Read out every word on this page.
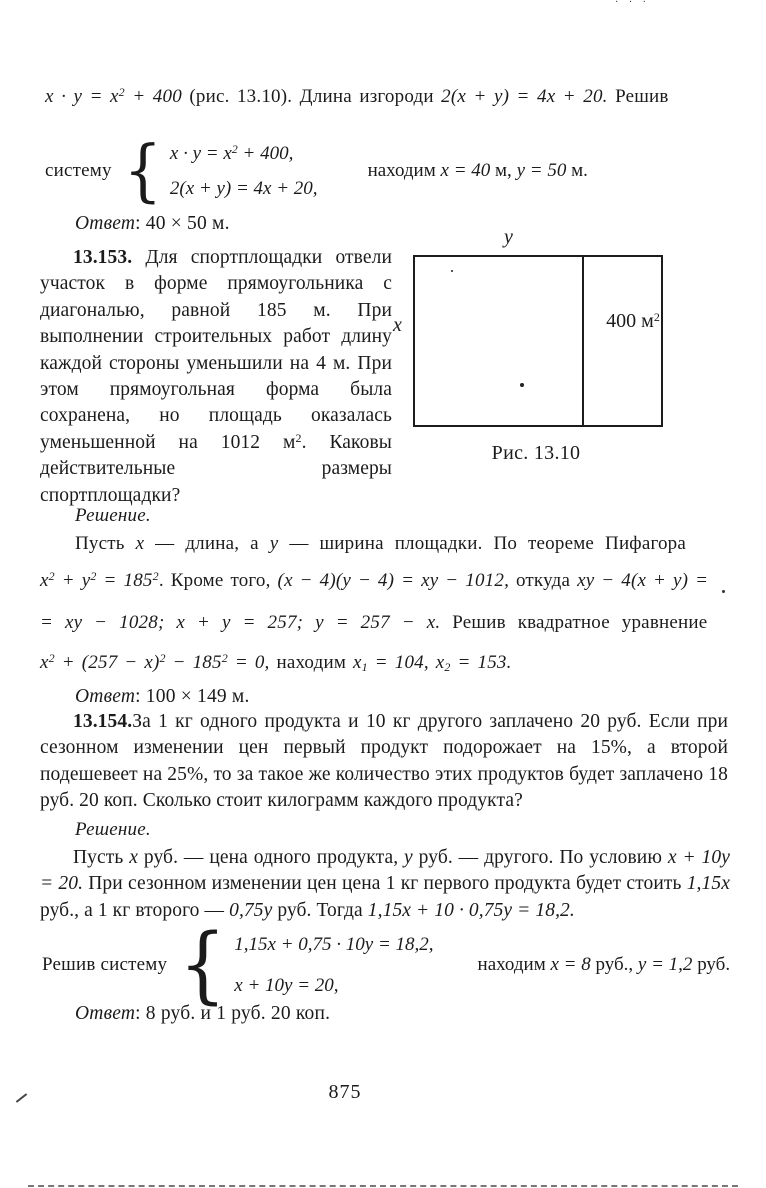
· · ·
$x \cdot y = x^2 + 400$ (рис. 13.10). Длина изгороди 2(x + y) = 4x + 20. Решив
систему { $x \cdot y = x^2 + 400$,
2(x + y) = 4x + 20,
находим x = 40 м, y = 50 м.
Ответ: 40 × 50 м.
13.153. Для спортплощадки отвели участок в форме прямоугольника с диагональю, равной 185 м. При выполнении строительных работ длину каждой стороны уменьшили на 4 м. При этом прямоугольная форма была сохранена, но площадь оказалась уменьшенной на 1012 $м^2$. Каковы действительные размеры спортплощадки?
y
x	400 $м^2$
Рис. 13.10
Решение.
Пусть x — длина, а y — ширина площадки. По теореме Пифагора
$x^2 + y^2 = 185^2$. Кроме того, (x − 4)(y − 4) = xy − 1012, откуда xy − 4(x + y) =
= xy − 1028; x + y = 257; y = 257 − x. Решив квадратное уравнение
$x^2 + (257 - x)^2 - 185^2 = 0$, находим $x_1 = 104$, $x_2 = 153$.
Ответ: 100 × 149 м.
13.154.За 1 кг одного продукта и 10 кг другого заплачено 20 руб. Если при сезонном изменении цен первый продукт подорожает на 15%, а второй подешевеет на 25%, то за такое же количество этих продуктов будет заплачено 18 руб. 20 коп. Сколько стоит килограмм каждого продукта?
Решение.
Пусть x руб. — цена одного продукта, y руб. — другого. По условию x + 10y = 20. При сезонном изменении цен цена 1 кг первого продукта будет стоить 1,15x руб., а 1 кг второго — 0,75y руб. Тогда 1,15x + 10 · 0,75y = 18,2.
Решив систему { 1,15x + 0,75 · 10y = 18,2,
x + 10y = 20,
находим x = 8 руб., y = 1,2 руб.
Ответ: 8 руб. и 1 руб. 20 коп.
875
